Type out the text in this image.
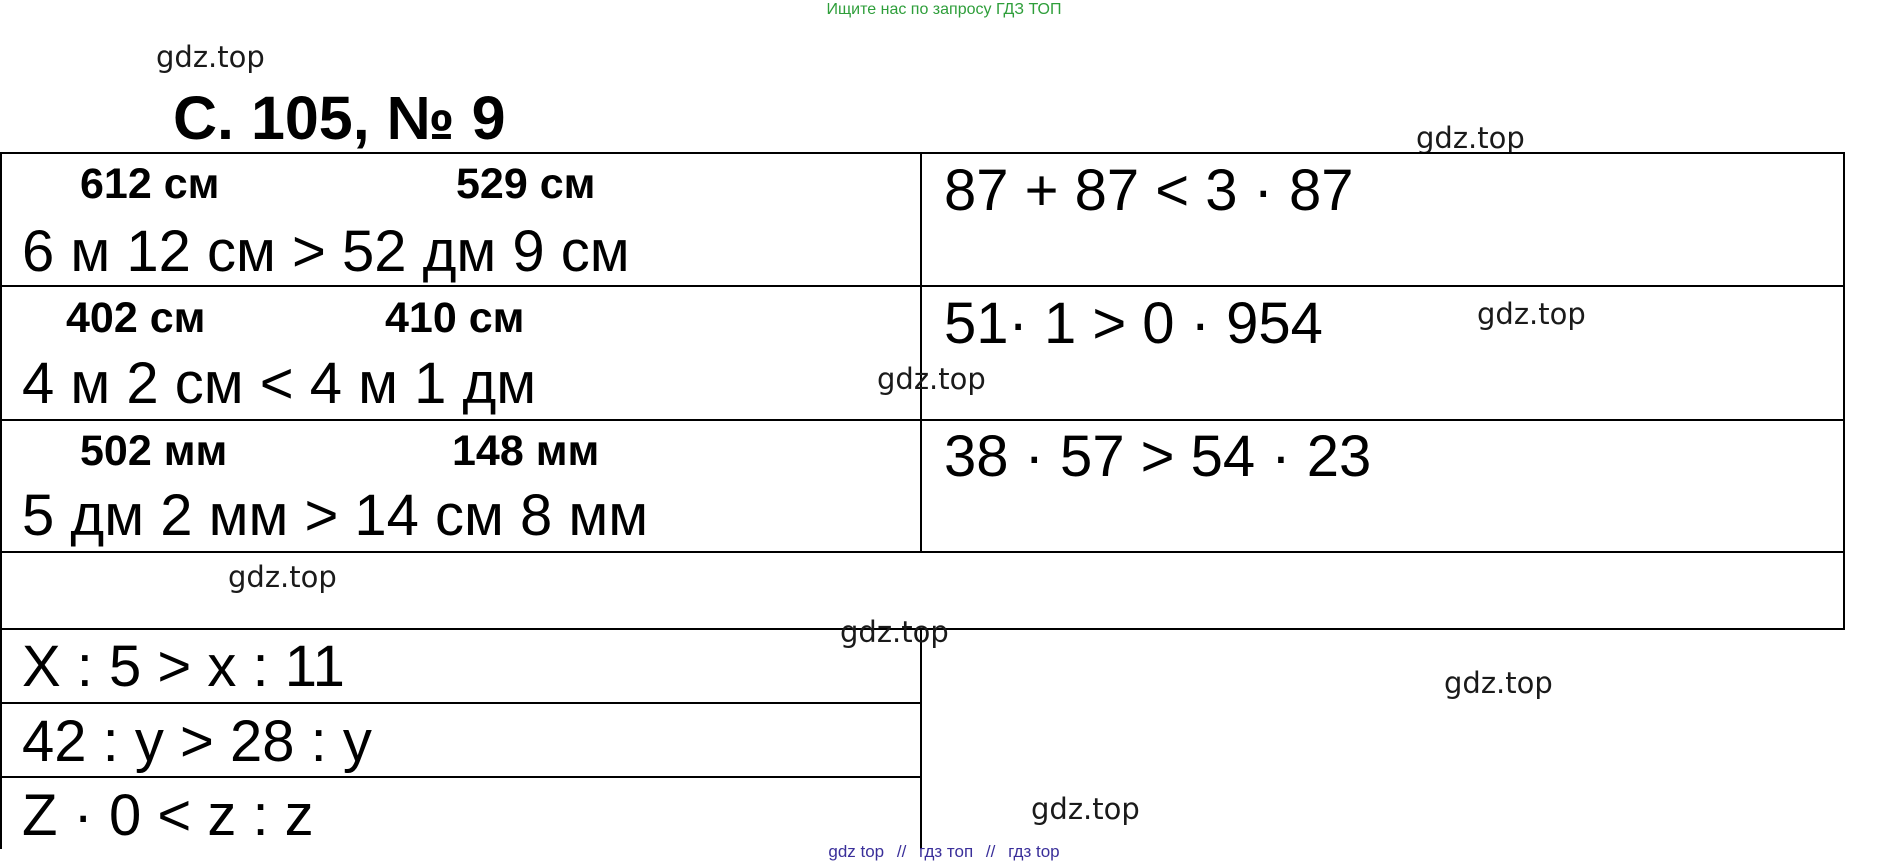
Ищите нас по запросу ГДЗ ТОП
gdz.top
С. 105, № 9	gdz.top
612 см	529 см
6 м 12 см > 52 дм 9 см
87 + 87 < 3 · 87
402 см	410 см
4 м 2 см < 4 м 1 дм
51· 1 > 0 · 954
502 мм	148 мм
5 дм 2 мм > 14 см 8 мм
38 · 57 > 54 · 23
X : 5 > x : 11
42 : y > 28 : y
Z · 0 < z : z
gdz.top
gdz.top
gdz.top
gdz.top
gdz.top
gdz.top
gdz top // гдз топ // гдз top
